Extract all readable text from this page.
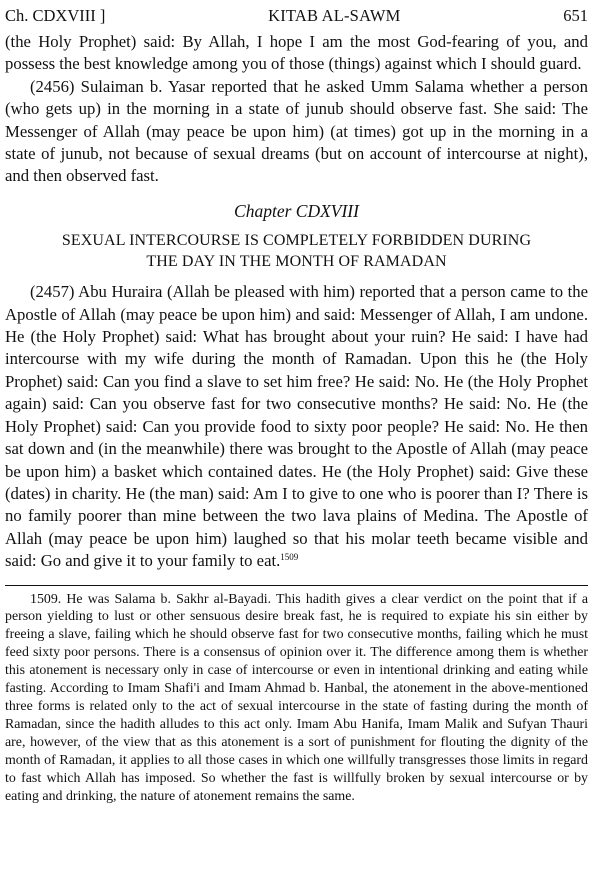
Ch. CDXVIII ]	KITAB AL-SAWM	651

(the Holy Prophet) said: By Allah, I hope I am the most God-fearing of you, and possess the best knowledge among you of those (things) against which I should guard.

(2456) Sulaiman b. Yasar reported that he asked Umm Salama whether a person (who gets up) in the morning in a state of junub should observe fast. She said: The Messenger of Allah (may peace be upon him) (at times) got up in the morning in a state of junub, not because of sexual dreams (but on account of intercourse at night), and then observed fast.

Chapter CDXVIII
SEXUAL INTERCOURSE IS COMPLETELY FORBIDDEN DURING
THE DAY IN THE MONTH OF RAMADAN

(2457) Abu Huraira (Allah be pleased with him) reported that a person came to the Apostle of Allah (may peace be upon him) and said: Messenger of Allah, I am undone. He (the Holy Prophet) said: What has brought about your ruin? He said: I have had intercourse with my wife during the month of Ramadan. Upon this he (the Holy Prophet) said: Can you find a slave to set him free? He said: No. He (the Holy Prophet again) said: Can you observe fast for two consecutive months? He said: No. He (the Holy Prophet) said: Can you provide food to sixty poor people? He said: No. He then sat down and (in the meanwhile) there was brought to the Apostle of Allah (may peace be upon him) a basket which contained dates. He (the Holy Prophet) said: Give these (dates) in charity. He (the man) said: Am I to give to one who is poorer than I? There is no family poorer than mine between the two lava plains of Medina. The Apostle of Allah (may peace be upon him) laughed so that his molar teeth became visible and said: Go and give it to your family to eat.$^{1509}$

1509. He was Salama b. Sakhr al-Bayadi. This hadith gives a clear verdict on the point that if a person yielding to lust or other sensuous desire break fast, he is required to expiate his sin either by freeing a slave, failing which he should observe fast for two consecutive months, failing which he must feed sixty poor persons. There is a consensus of opinion over it. The difference among them is whether this atonement is necessary only in case of intercourse or even in intentional drinking and eating while fasting. According to Imam Shafi'i and Imam Ahmad b. Hanbal, the atonement in the above-mentioned three forms is related only to the act of sexual intercourse in the state of fasting during the month of Ramadan, since the hadith alludes to this act only. Imam Abu Hanifa, Imam Malik and Sufyan Thauri are, however, of the view that as this atonement is a sort of punishment for flouting the dignity of the month of Ramadan, it applies to all those cases in which one willfully transgresses those limits in regard to fast which Allah has imposed. So whether the fast is willfully broken by sexual intercourse or by eating and drinking, the nature of atonement remains the same.
